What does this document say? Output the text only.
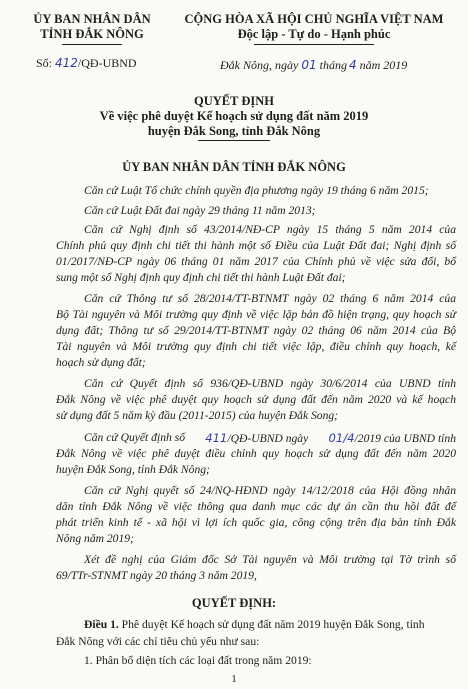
ỦY BAN NHÂN DÂN
TỈNH ĐẮK NÔNG
CỘNG HÒA XÃ HỘI CHỦ NGHĨA VIỆT NAM
Độc lập - Tự do - Hạnh phúc
Số: 412/QĐ-UBND	Đắk Nông, ngày 01 tháng 4 năm 2019
QUYẾT ĐỊNH
Về việc phê duyệt Kế hoạch sử dụng đất năm 2019
huyện Đắk Song, tỉnh Đắk Nông
ỦY BAN NHÂN DÂN TỈNH ĐẮK NÔNG
Căn cứ Luật Tổ chức chính quyền địa phương ngày 19 tháng 6 năm 2015;
Căn cứ Luật Đất đai ngày 29 tháng 11 năm 2013;
Căn cứ Nghị định số 43/2014/NĐ-CP ngày 15 tháng 5 năm 2014 của
Chính phủ quy định chi tiết thi hành một số Điều của Luật Đất đai; Nghị định số
01/2017/NĐ-CP ngày 06 tháng 01 năm 2017 của Chính phủ về việc sửa đổi, bổ
sung một số Nghị định quy định chi tiết thi hành Luật Đất đai;
Căn cứ Thông tư số 28/2014/TT-BTNMT ngày 02 tháng 6 năm 2014 của
Bộ Tài nguyên và Môi trường quy định về việc lập bản đồ hiện trạng, quy hoạch sử
dụng đất; Thông tư số 29/2014/TT-BTNMT ngày 02 tháng 06 năm 2014 của Bộ
Tài nguyên và Môi trường quy định chi tiết việc lập, điều chỉnh quy hoạch, kế
hoạch sử dụng đất;
Căn cứ Quyết định số 936/QĐ-UBND ngày 30/6/2014 của UBND tỉnh
Đắk Nông về việc phê duyệt quy hoạch sử dụng đất đến năm 2020 và kế hoạch
sử dụng đất 5 năm kỳ đầu (2011-2015) của huyện Đắk Song;
Căn cứ Quyết định số 411/QĐ-UBND ngày 01/4/2019 của UBND tỉnh
Đắk Nông về việc phê duyệt điều chỉnh quy hoạch sử dụng đất đến năm 2020
huyện Đắk Song, tỉnh Đắk Nông;
Căn cứ Nghị quyết số 24/NQ-HĐND ngày 14/12/2018 của Hội đồng nhân
dân tỉnh Đắk Nông về việc thông qua danh mục các dự án cần thu hồi đất để
phát triển kinh tế - xã hội vì lợi ích quốc gia, công cộng trên địa bàn tỉnh Đắk
Nông năm 2019;
Xét đề nghị của Giám đốc Sở Tài nguyên và Môi trường tại Tờ trình số
69/TTr-STNMT ngày 20 tháng 3 năm 2019,
QUYẾT ĐỊNH:
Điều 1. Phê duyệt Kế hoạch sử dụng đất năm 2019 huyện Đắk Song, tỉnh
Đắk Nông với các chỉ tiêu chủ yếu như sau:
1. Phân bổ diện tích các loại đất trong năm 2019:
1
